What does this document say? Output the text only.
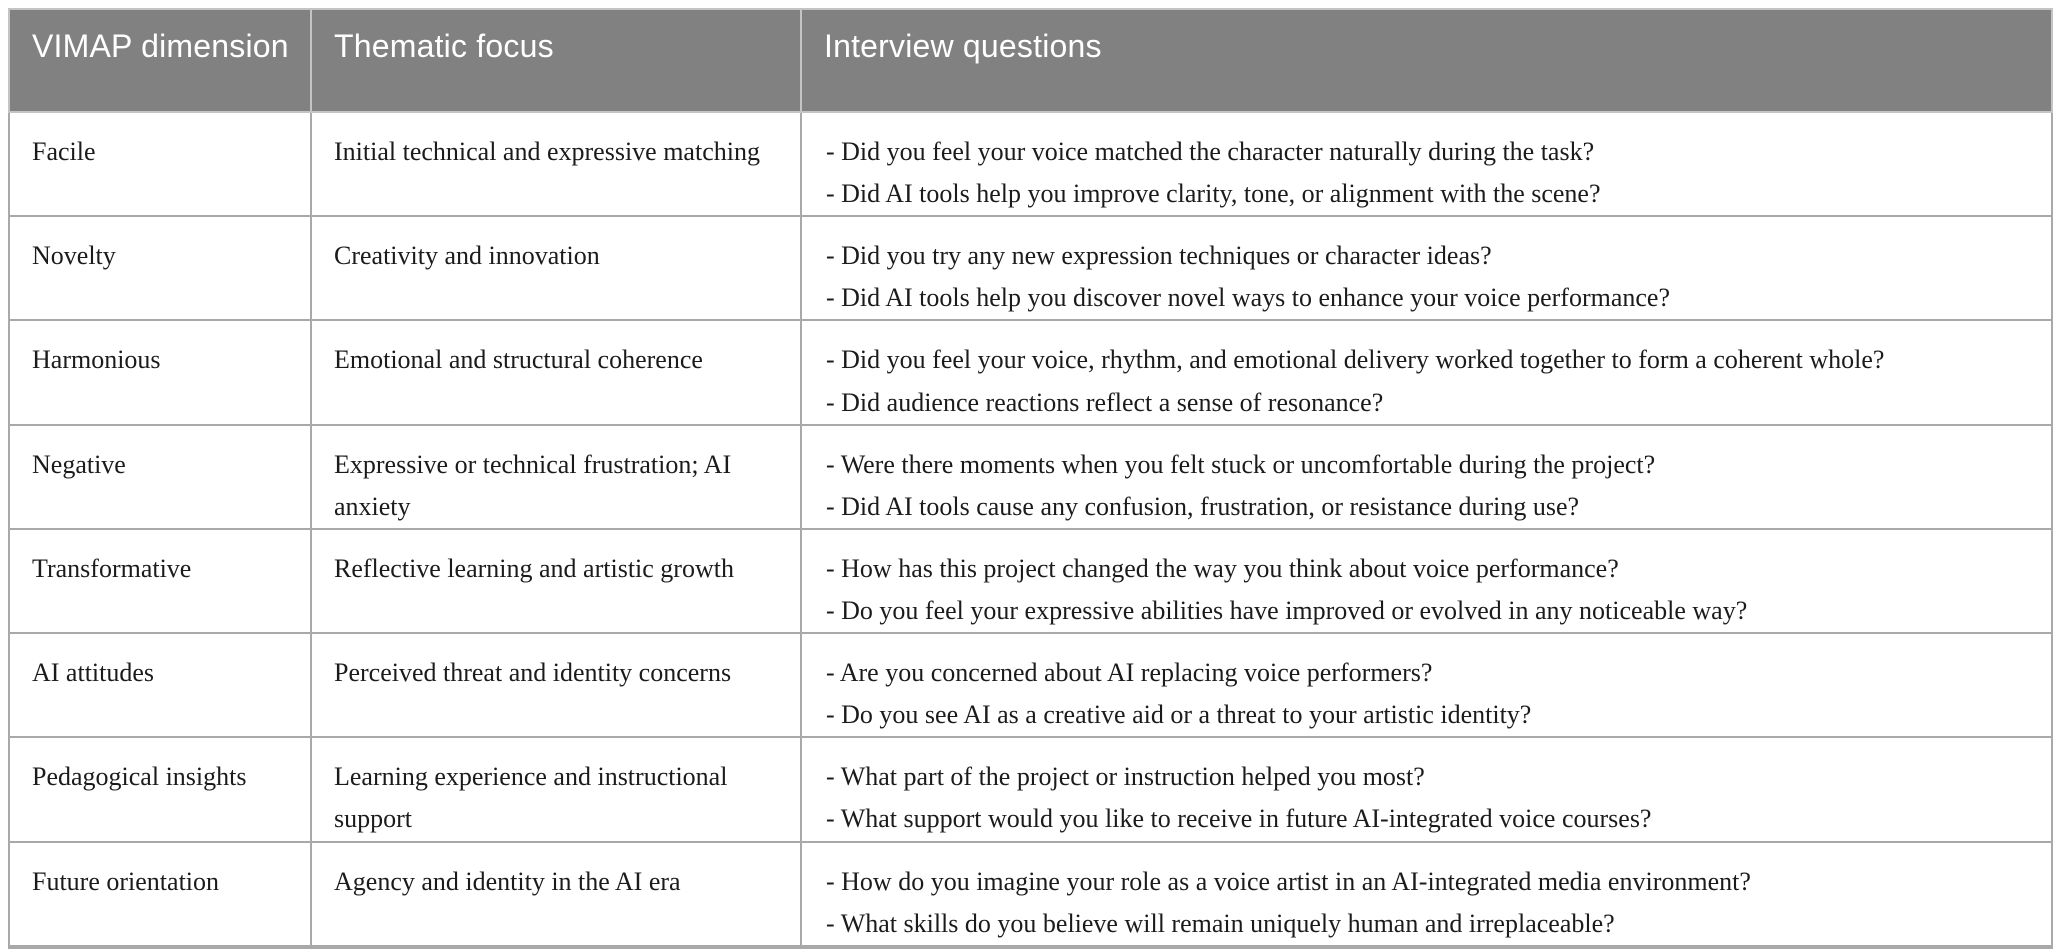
VIMAP dimension	Thematic focus	Interview questions
Facile	Initial technical and expressive matching	- Did you feel your voice matched the character naturally during the task?
- Did AI tools help you improve clarity, tone, or alignment with the scene?

Novelty	Creativity and innovation	- Did you try any new expression techniques or character ideas?
- Did AI tools help you discover novel ways to enhance your voice performance?

Harmonious	Emotional and structural coherence	- Did you feel your voice, rhythm, and emotional delivery worked together to form a coherent whole?
- Did audience reactions reflect a sense of resonance?

Negative	Expressive or technical frustration; AI anxiety	- Were there moments when you felt stuck or uncomfortable during the project?
- Did AI tools cause any confusion, frustration, or resistance during use?

Transformative	Reflective learning and artistic growth	- How has this project changed the way you think about voice performance?
- Do you feel your expressive abilities have improved or evolved in any noticeable way?

AI attitudes	Perceived threat and identity concerns	- Are you concerned about AI replacing voice performers?
- Do you see AI as a creative aid or a threat to your artistic identity?

Pedagogical insights	Learning experience and instructional support	- What part of the project or instruction helped you most?
- What support would you like to receive in future AI-integrated voice courses?

Future orientation	Agency and identity in the AI era	- How do you imagine your role as a voice artist in an AI-integrated media environment?
- What skills do you believe will remain uniquely human and irreplaceable?
